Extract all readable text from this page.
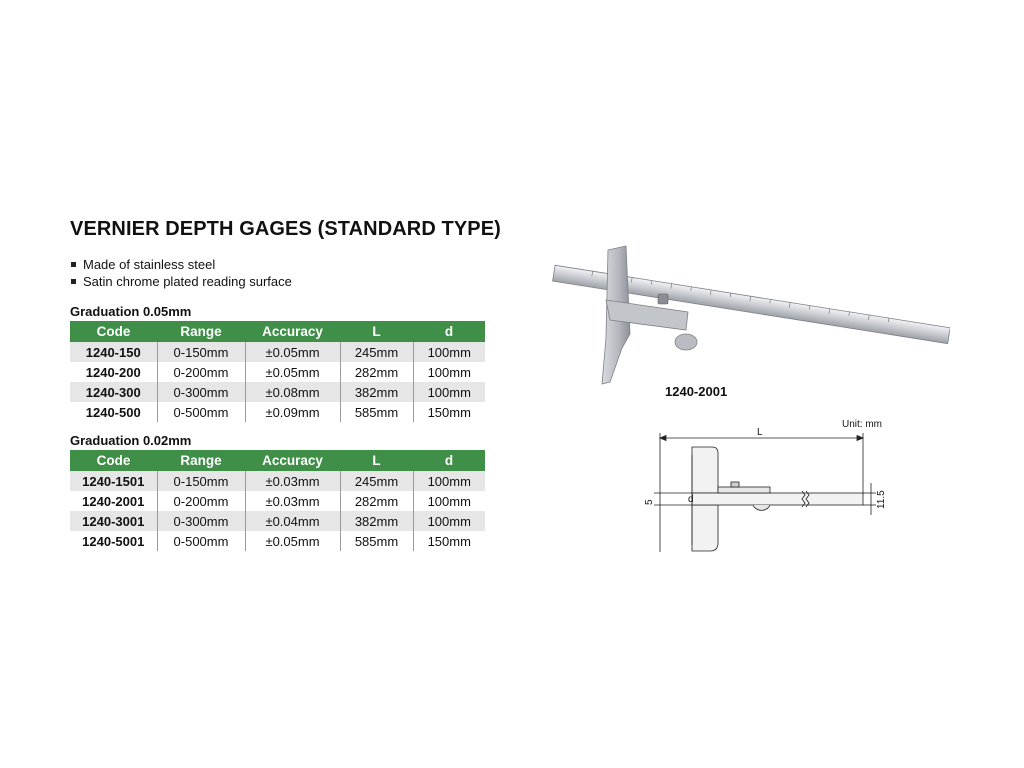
VERNIER DEPTH GAGES (STANDARD TYPE)
Made of stainless steel
Satin chrome plated reading surface
Graduation 0.05mm
Code	Range	Accuracy	L	d
1240-150	0-150mm	±0.05mm	245mm	100mm
1240-200	0-200mm	±0.05mm	282mm	100mm
1240-300	0-300mm	±0.08mm	382mm	100mm
1240-500	0-500mm	±0.09mm	585mm	150mm
Graduation 0.02mm
Code	Range	Accuracy	L	d
1240-1501	0-150mm	±0.03mm	245mm	100mm
1240-2001	0-200mm	±0.03mm	282mm	100mm
1240-3001	0-300mm	±0.04mm	382mm	100mm
1240-5001	0-500mm	±0.05mm	585mm	150mm
1240-2001
Unit: mm
L
d
5	11.5
